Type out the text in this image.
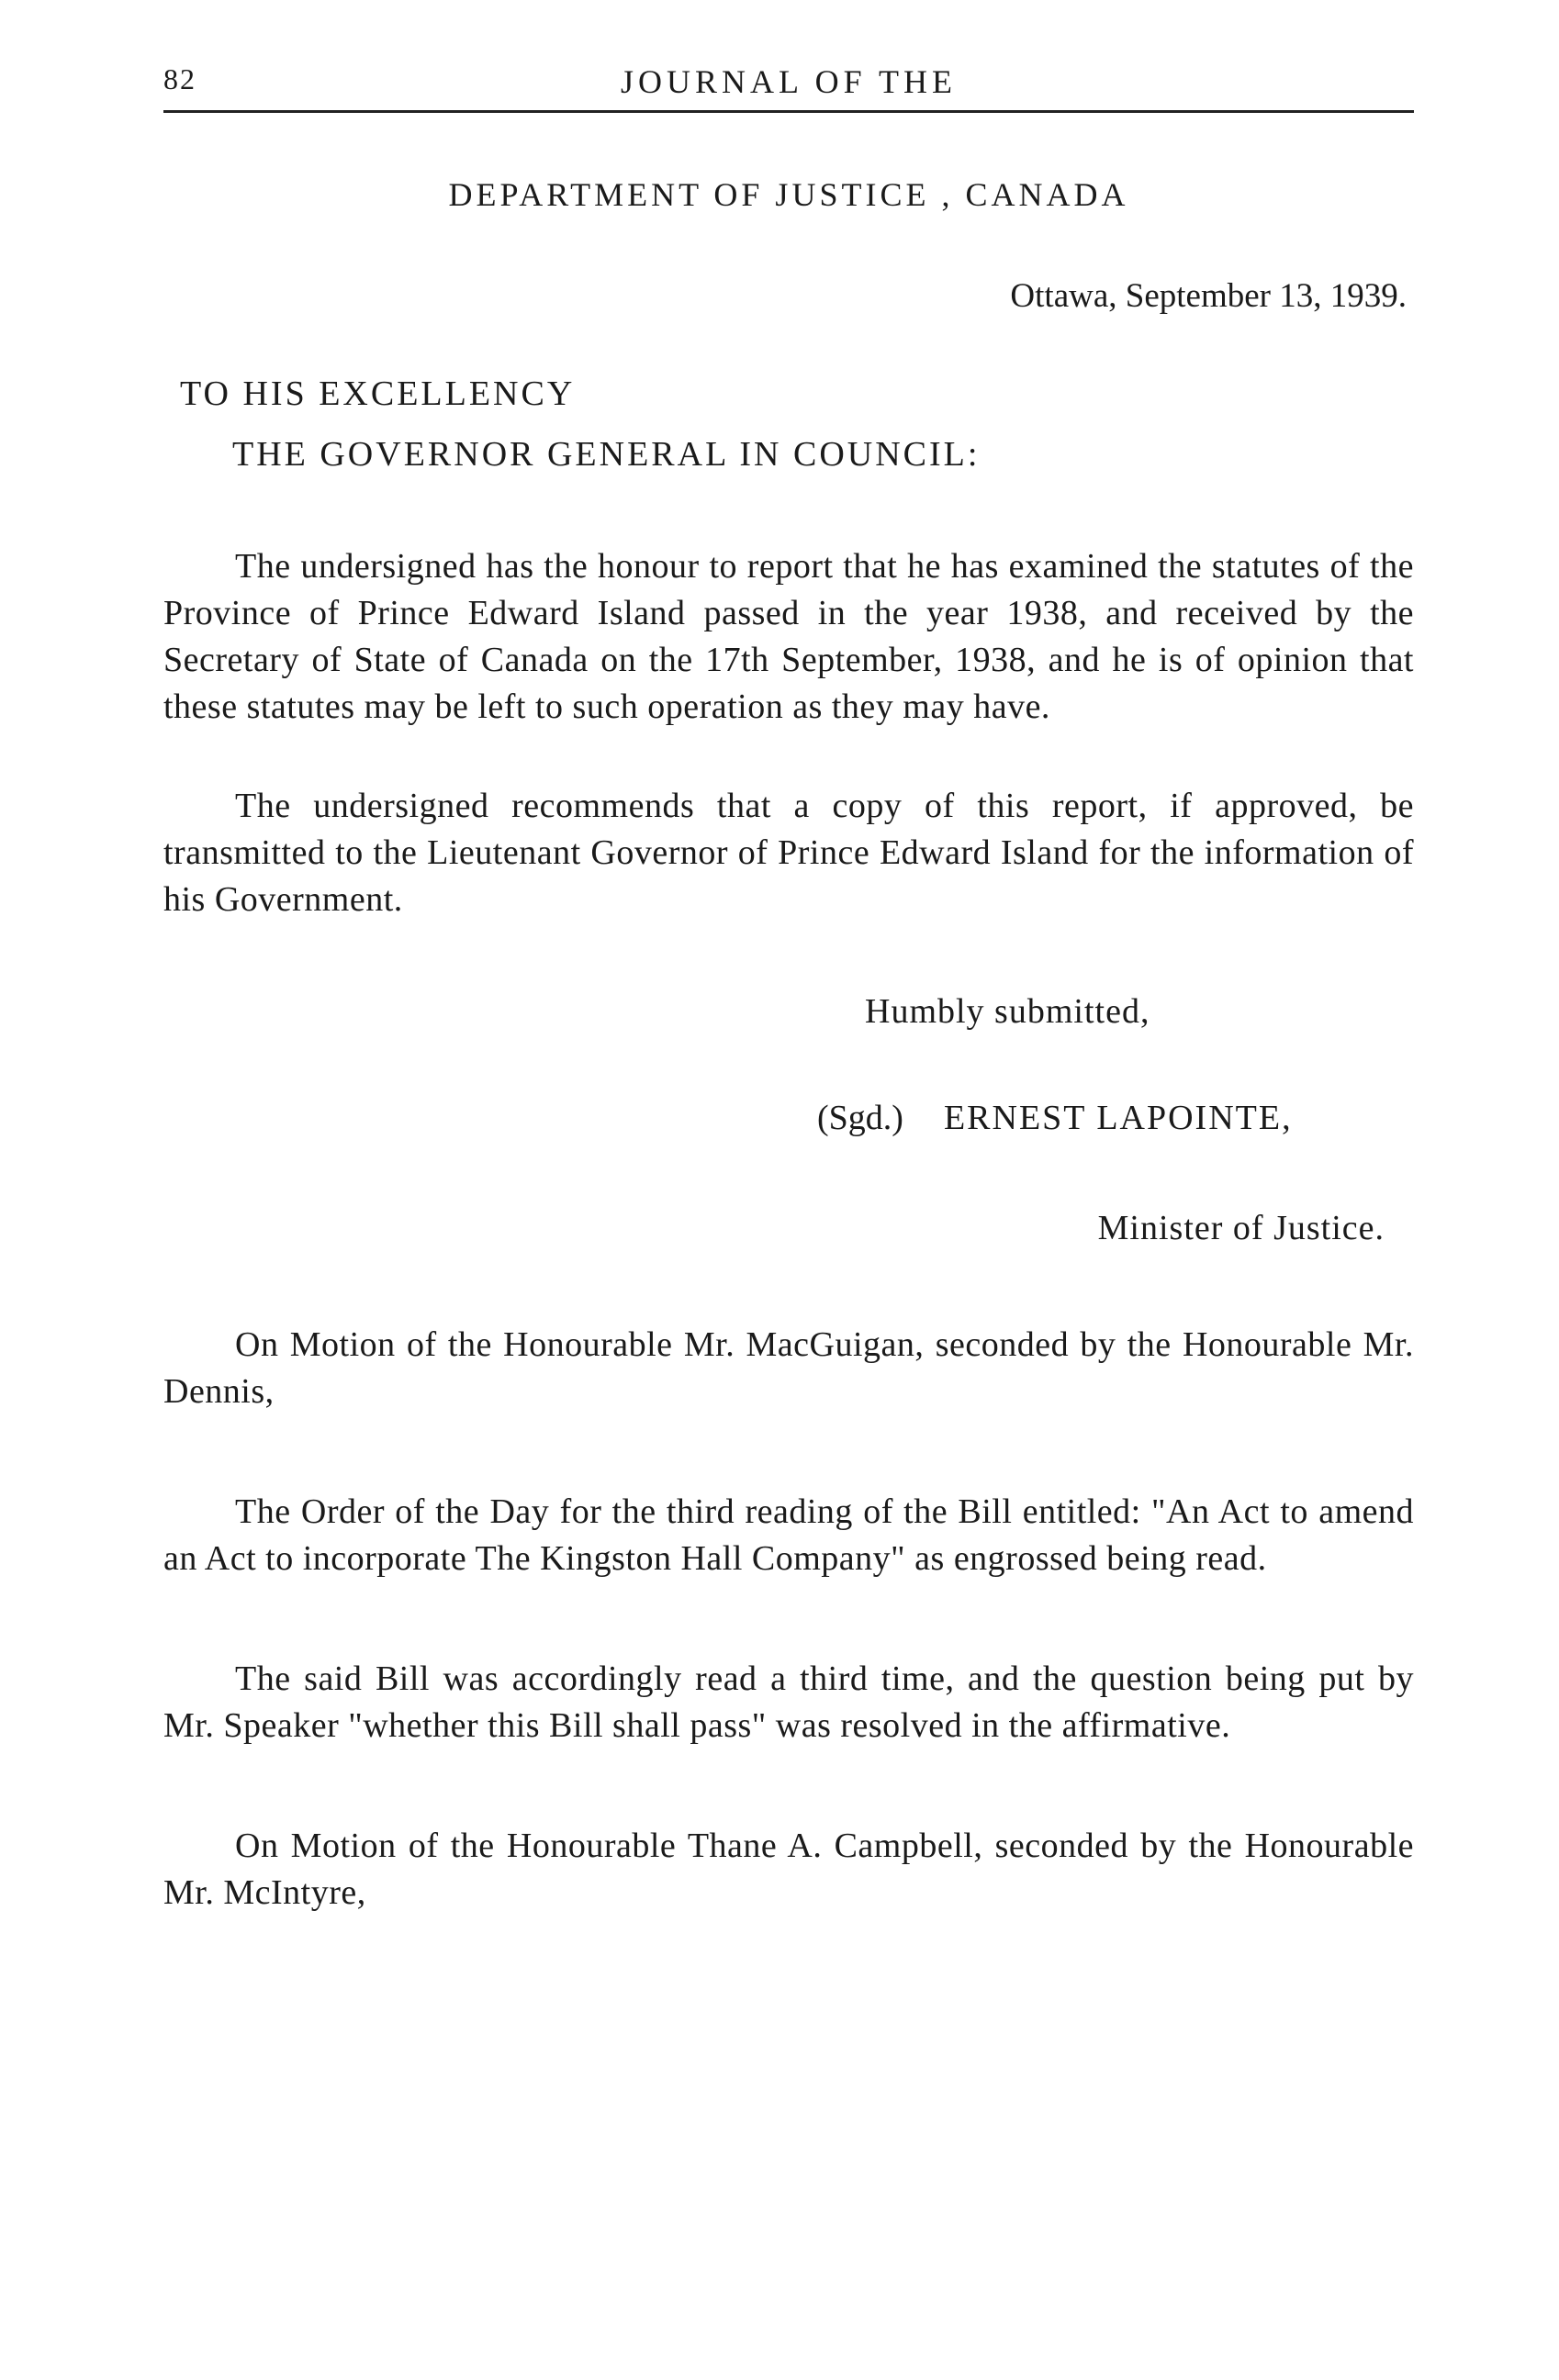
82	JOURNAL OF THE
DEPARTMENT OF JUSTICE , CANADA
Ottawa, September 13, 1939.
TO HIS EXCELLENCY
THE GOVERNOR GENERAL IN COUNCIL:

The undersigned has the honour to report that he has examined the statutes of the Province of Prince Edward Island passed in the year 1938, and received by the Secretary of State of Canada on the 17th September, 1938, and he is of opinion that these statutes may be left to such operation as they may have.

The undersigned recommends that a copy of this report, if approved, be transmitted to the Lieutenant Governor of Prince Edward Island for the information of his Government.

Humbly submitted,
(Sgd.) ERNEST LAPOINTE,
Minister of Justice.

On Motion of the Honourable Mr. MacGuigan, seconded by the Honourable Mr. Dennis,

The Order of the Day for the third reading of the Bill entitled: "An Act to amend an Act to incorporate The Kingston Hall Company" as engrossed being read.

The said Bill was accordingly read a third time, and the question being put by Mr. Speaker "whether this Bill shall pass" was resolved in the affirmative.

On Motion of the Honourable Thane A. Campbell, seconded by the Honourable Mr. McIntyre,
